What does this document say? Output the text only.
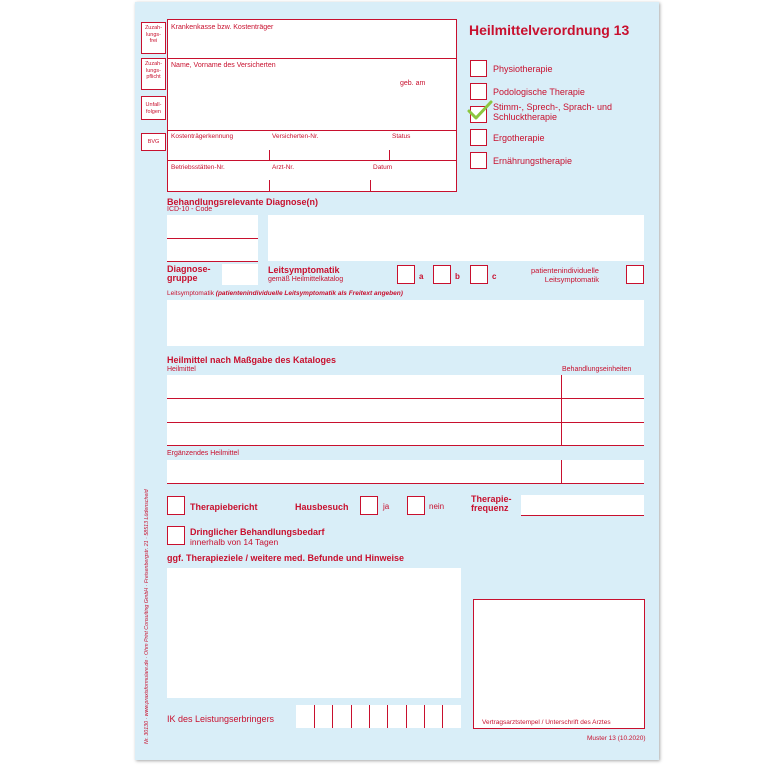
Zuzah-
lungs-
frei
Zuzah-
lungs-
pflicht
Unfall-
folgen
BVG
Krankenkasse bzw. Kostenträger
Name, Vorname des Versicherten
geb. am
Kostenträgerkennung	Versicherten-Nr.	Status
Betriebsstätten-Nr.	Arzt-Nr.	Datum
Heilmittelverordnung 13
Physiotherapie
Podologische Therapie
Stimm-, Sprech-, Sprach- und
Schlucktherapie
Ergotherapie
Ernährungstherapie
Behandlungsrelevante Diagnose(n)
ICD-10 - Code
Diagnose-
gruppe
Leitsymptomatik
gemäß Heilmittelkatalog	a	b	c
patientenindividuelle
Leitsymptomatik
Leitsymptomatik (patientenindividuelle Leitsymptomatik als Freitext angeben)
Heilmittel nach Maßgabe des Kataloges
Heilmittel	Behandlungseinheiten
Ergänzendes Heilmittel
Therapiebericht	Hausbesuch	ja	nein
Therapie-
frequenz
Dringlicher Behandlungsbedarf
innerhalb von 14 Tagen
ggf. Therapieziele / weitere med. Befunde und Hinweise
IK des Leistungserbringers	Vertragsarztstempel / Unterschrift des Arztes
Muster 13 (10.2020)
Nr. 30130 · www.praxisformulare.de · Ohm Print Consulting GmbH · Freisenbergstr. 21 · 58513 Lüdenscheid
